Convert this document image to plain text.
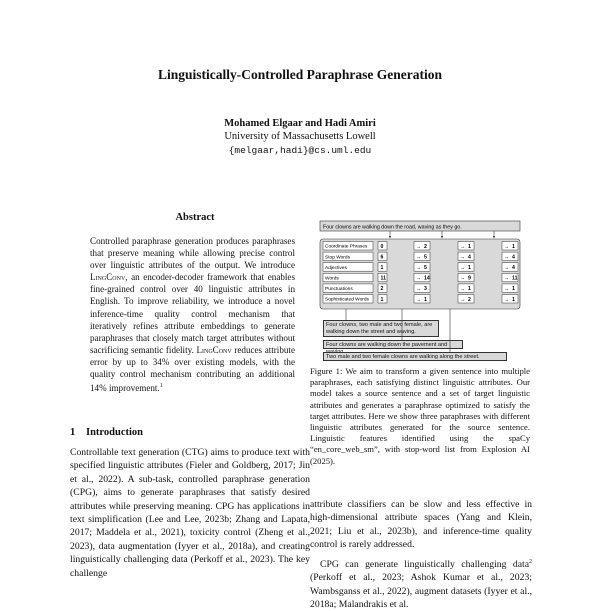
Linguistically-Controlled Paraphrase Generation
Mohamed Elgaar and Hadi Amiri
University of Massachusetts Lowell
{melgaar,hadi}@cs.uml.edu
Abstract
Controlled paraphrase generation produces paraphrases that preserve meaning while allowing precise control over linguistic attributes of the output. We introduce LingConv, an encoder-decoder framework that enables fine-grained control over 40 linguistic attributes in English. To improve reliability, we introduce a novel inference-time quality control mechanism that iteratively refines attribute embeddings to generate paraphrases that closely match target attributes without sacrificing semantic fidelity. LingConv reduces attribute error by up to 34% over existing models, with the quality control mechanism contributing an additional 14% improvement.$^1$
1 Introduction

Controllable text generation (CTG) aims to produce text with specified linguistic attributes (Fieler and Goldberg, 2017; Jin et al., 2022). A sub-task, controlled paraphrase generation (CPG), aims to generate paraphrases that satisfy desired attributes while preserving meaning. CPG has applications in text simplification (Lee and Lee, 2023b; Zhang and Lapata, 2017; Maddela et al., 2021), toxicity control (Zheng et al., 2023), data augmentation (Iyyer et al., 2018a), and creating linguistically challenging data (Perkoff et al., 2023). The key challenge

attribute classifiers can be slow and less effective in high-dimensional attribute spaces (Yang and Klein, 2021; Liu et al., 2023b), and inference-time quality control is rarely addressed.

CPG can generate linguistically challenging data$^2$ (Perkoff et al., 2023; Ashok Kumar et al., 2023; Wambsganss et al., 2022), augment datasets (Iyyer et al., 2018a; Malandrakis et al.

Four clowns are walking down the road, waving as they go.
Coordinate Phrases	0	→ 2	→ 1	→ 1
Stop Words	6	→ 5	→ 4	→ 4
Adjectives	1	→ 5	→ 1	→ 4
Words	11	→ 14	→ 9	→ 11
Punctuations	2	→ 3	→ 1	→ 1
Sophisticated Words 1	→ 1	→ 2	→ 1
Figure 1: We aim to transform a given sentence into multiple paraphrases, each satisfying distinct linguistic attributes. Our model takes a source sentence and a set of target linguistic attributes and generates a paraphrase optimized to satisfy the target attributes. Here we show three paraphrases with different linguistic attributes generated for the source sentence. Linguistic features identified using the spaCy “en_core_web_sm”, with stop-word list from Explosion AI (2025).
Four clowns, two male and two female, are walking down the street and waving.
Four clowns are walking down the pavement and
Two male and two female clowns are walking along the street.
